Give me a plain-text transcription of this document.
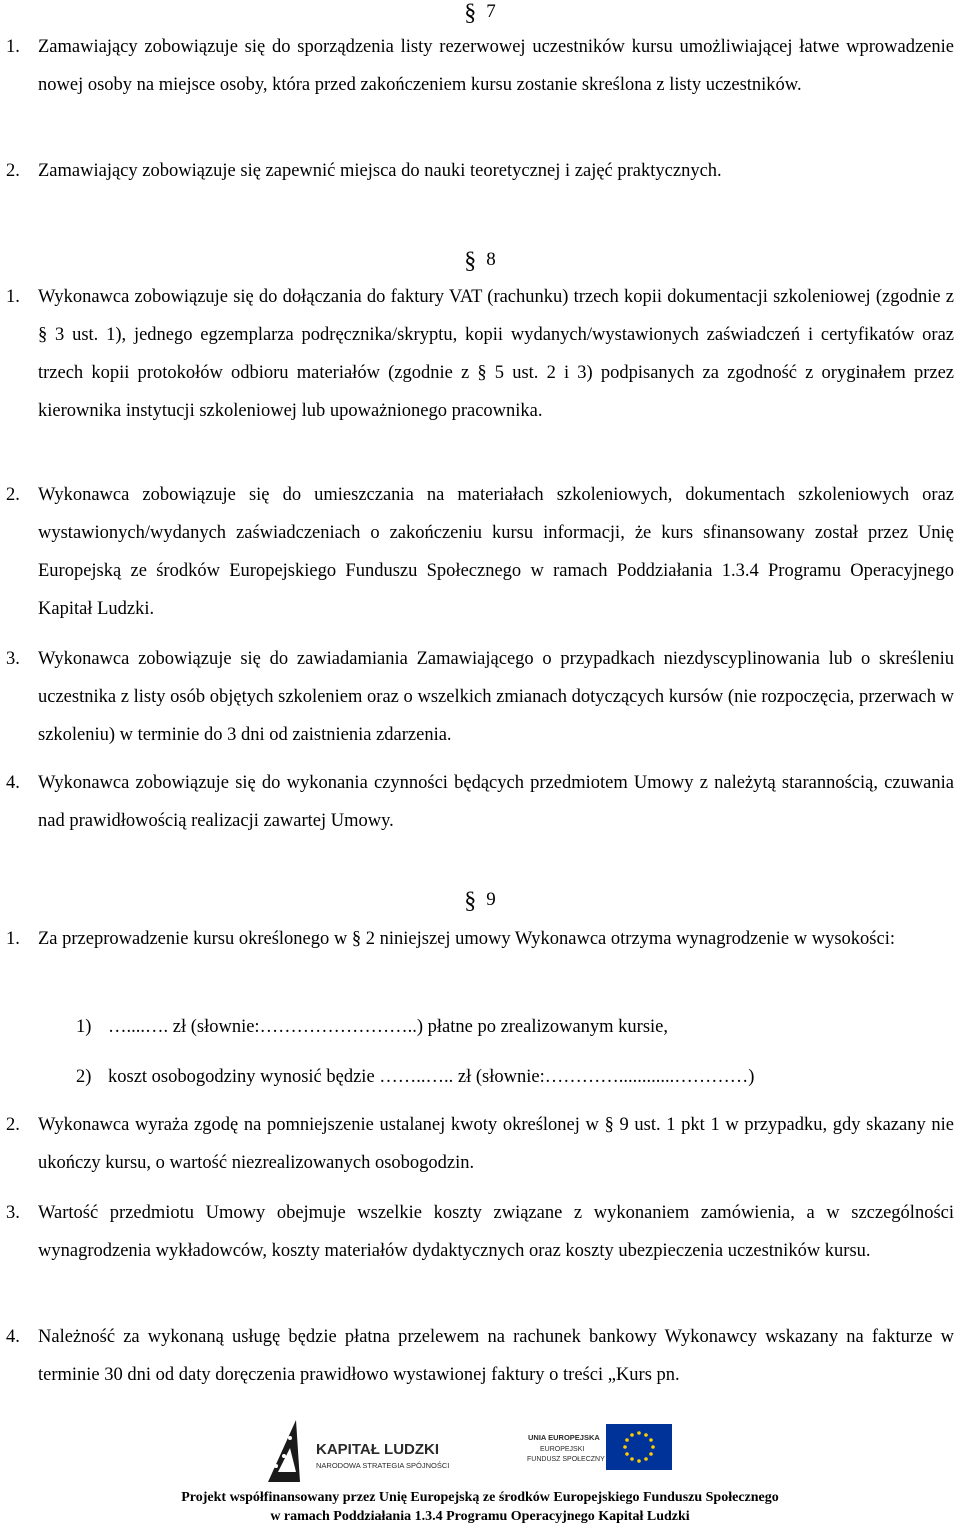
§ 7
1. Zamawiający zobowiązuje się do sporządzenia listy rezerwowej uczestników kursu umożliwiającej łatwe wprowadzenie nowej osoby na miejsce osoby, która przed zakończeniem kursu zostanie skreślona z listy uczestników.
2. Zamawiający zobowiązuje się zapewnić miejsca do nauki teoretycznej i zajęć praktycznych.
§ 8
1. Wykonawca zobowiązuje się do dołączania do faktury VAT (rachunku) trzech kopii dokumentacji szkoleniowej (zgodnie z § 3 ust. 1), jednego egzemplarza podręcznika/skryptu, kopii wydanych/wystawionych zaświadczeń i certyfikatów oraz trzech kopii protokołów odbioru materiałów (zgodnie z § 5 ust. 2 i 3) podpisanych za zgodność z oryginałem przez kierownika instytucji szkoleniowej lub upoważnionego pracownika.
2. Wykonawca zobowiązuje się do umieszczania na materiałach szkoleniowych, dokumentach szkoleniowych oraz wystawionych/wydanych zaświadczeniach o zakończeniu kursu informacji, że kurs sfinansowany został przez Unię Europejską ze środków Europejskiego Funduszu Społecznego w ramach Poddziałania 1.3.4 Programu Operacyjnego Kapitał Ludzki.
3. Wykonawca zobowiązuje się do zawiadamiania Zamawiającego o przypadkach niezdyscyplinowania lub o skreśleniu uczestnika z listy osób objętych szkoleniem oraz o wszelkich zmianach dotyczących kursów (nie rozpoczęcia, przerwach w szkoleniu) w terminie do 3 dni od zaistnienia zdarzenia.
4. Wykonawca zobowiązuje się do wykonania czynności będących przedmiotem Umowy z należytą starannością, czuwania nad prawidłowością realizacji zawartej Umowy.
§ 9
1. Za przeprowadzenie kursu określonego w § 2 niniejszej umowy Wykonawca otrzyma wynagrodzenie w wysokości:
1) …....…. zł (słownie:……………………..) płatne po zrealizowanym kursie,
2) koszt osobogodziny wynosić będzie ……..….. zł (słownie:…………............…………)
2. Wykonawca wyraża zgodę na pomniejszenie ustalanej kwoty określonej w § 9 ust. 1 pkt 1 w przypadku, gdy skazany nie ukończy kursu, o wartość niezrealizowanych osobogodzin.
3. Wartość przedmiotu Umowy obejmuje wszelkie koszty związane z wykonaniem zamówienia, a w szczególności wynagrodzenia wykładowców, koszty materiałów dydaktycznych oraz koszty ubezpieczenia uczestników kursu.
4. Należność za wykonaną usługę będzie płatna przelewem na rachunek bankowy Wykonawcy wskazany na fakturze w terminie 30 dni od daty doręczenia prawidłowo wystawionej faktury o treści „Kurs pn.
KAPITAŁ LUDZKI
NARODOWA STRATEGIA SPÓJNOŚCI
UNIA EUROPEJSKA
EUROPEJSKI
FUNDUSZ SPOŁECZNY
Projekt współfinansowany przez Unię Europejską ze środków Europejskiego Funduszu Społecznego
w ramach Poddziałania 1.3.4 Programu Operacyjnego Kapitał Ludzki
